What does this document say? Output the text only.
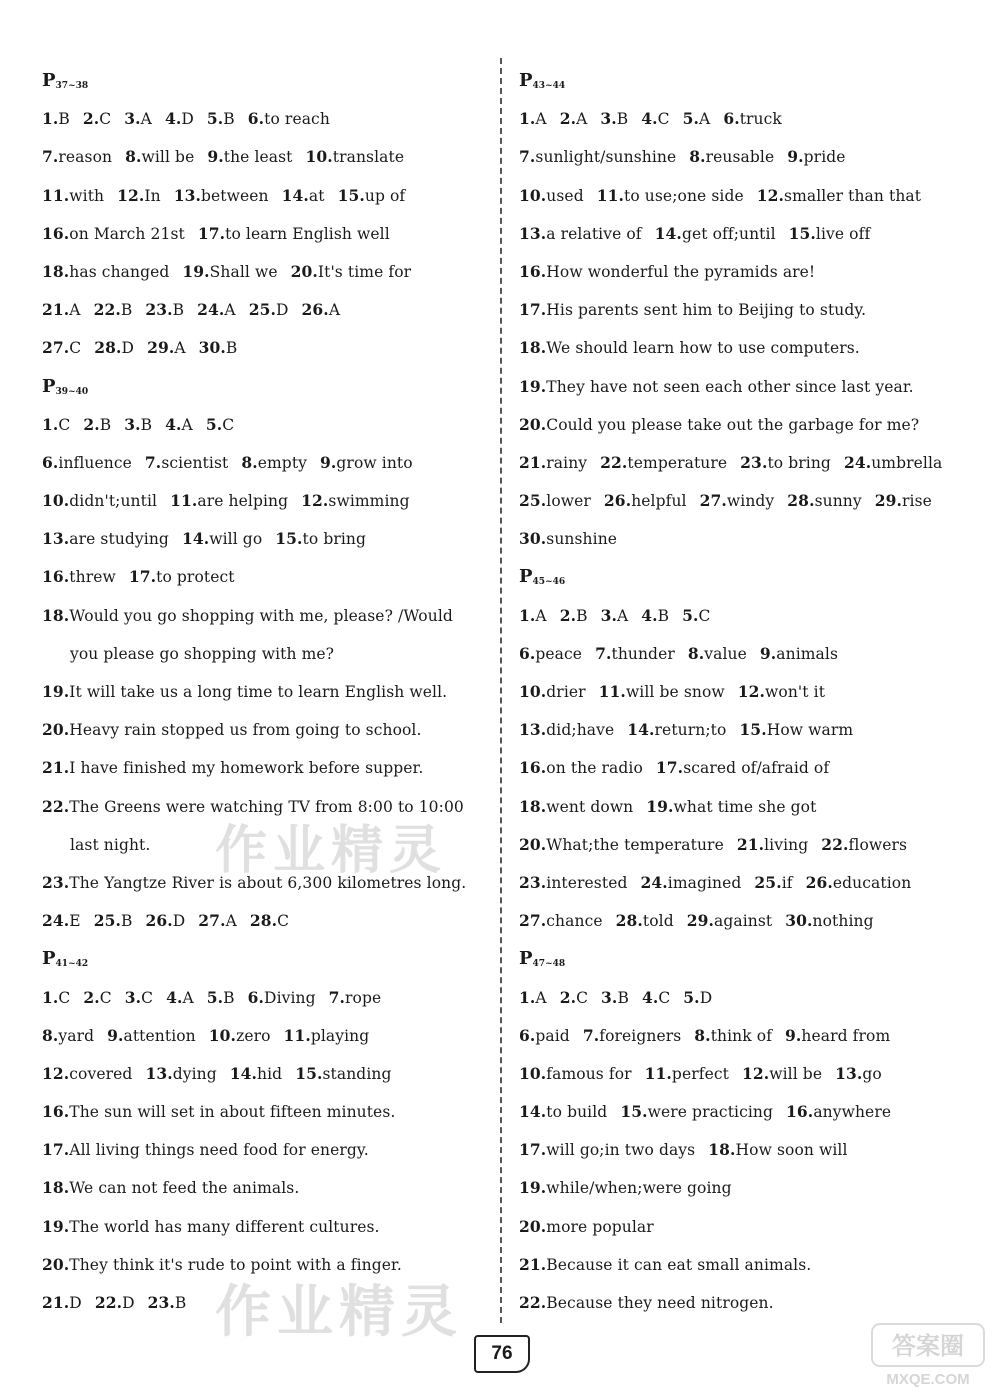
$P_{37\sim 38}$
1.B 2.C 3.A 4.D 5.B 6.to reach
7.reason 8.will be 9.the least 10.translate
11.with 12.In 13.between 14.at 15.up of
16.on March 21st 17.to learn English well
18.has changed 19.Shall we 20.It's time for
21.A 22.B 23.B 24.A 25.D 26.A
27.C 28.D 29.A 30.B
$P_{39\sim 40}$
1.C 2.B 3.B 4.A 5.C
6.influence 7.scientist 8.empty 9.grow into
10.didn't;until 11.are helping 12.swimming
13.are studying 14.will go 15.to bring
16.threw 17.to protect
18.Would you go shopping with me, please? /Would
you please go shopping with me?
19.It will take us a long time to learn English well.
20.Heavy rain stopped us from going to school.
21.I have finished my homework before supper.
22.The Greens were watching TV from 8:00 to 10:00
last night.
23.The Yangtze River is about 6,300 kilometres long.
24.E 25.B 26.D 27.A 28.C
$P_{41\sim 42}$
1.C 2.C 3.C 4.A 5.B 6.Diving 7.rope
8.yard 9.attention 10.zero 11.playing
12.covered 13.dying 14.hid 15.standing
16.The sun will set in about fifteen minutes.
17.All living things need food for energy.
18.We can not feed the animals.
19.The world has many different cultures.
20.They think it's rude to point with a finger.
21.D 22.D 23.B
$P_{43\sim 44}$
1.A 2.A 3.B 4.C 5.A 6.truck
7.sunlight/sunshine 8.reusable 9.pride
10.used 11.to use;one side 12.smaller than that
13.a relative of 14.get off;until 15.live off
16.How wonderful the pyramids are!
17.His parents sent him to Beijing to study.
18.We should learn how to use computers.
19.They have not seen each other since last year.
20.Could you please take out the garbage for me?
21.rainy 22.temperature 23.to bring 24.umbrella
25.lower 26.helpful 27.windy 28.sunny 29.rise
30.sunshine
$P_{45\sim 46}$
1.A 2.B 3.A 4.B 5.C
6.peace 7.thunder 8.value 9.animals
10.drier 11.will be snow 12.won't it
13.did;have 14.return;to 15.How warm
16.on the radio 17.scared of/afraid of
18.went down 19.what time she got
20.What;the temperature 21.living 22.flowers
23.interested 24.imagined 25.if 26.education
27.chance 28.told 29.against 30.nothing
$P_{47\sim 48}$
1.A 2.C 3.B 4.C 5.D
6.paid 7.foreigners 8.think of 9.heard from
10.famous for 11.perfect 12.will be 13.go
14.to build 15.were practicing 16.anywhere
17.will go;in two days 18.How soon will
19.while/when;were going
20.more popular
21.Because it can eat small animals.
22.Because they need nitrogen.
作业精灵
作业精灵
76	答案圈
MXQE.COM
